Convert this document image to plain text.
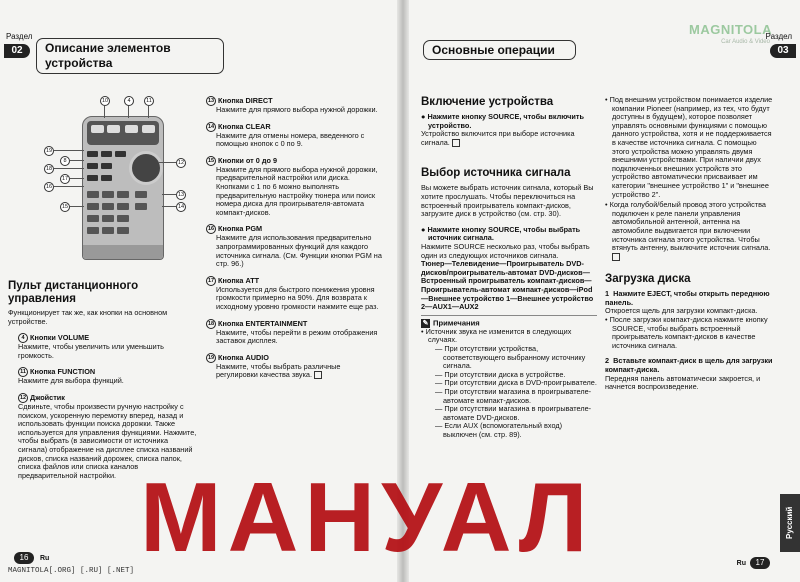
Раздел
02	Описание элементов устройства
10	4	11
19
8
18
17
16
15
12
13
14

Пульт дистанционного управления

Функционирует так же, как кнопки на основном устройстве.

4 Кнопки VOLUME

Нажмите, чтобы увеличить или уменьшить громкость.

11 Кнопка FUNCTION

Нажмите для выбора функций.

12 Джойстик

Сдвиньте, чтобы произвести ручную настройку с поиском, ускоренную перемотку вперед, назад и использовать функции поиска дорожки. Также используется для управления функциями. Нажмите, чтобы выбрать (в зависимости от источника сигнала) отображение на дисплее списка названий дисков, списка названий дорожек, списка папок, списка файлов или списка каналов предварительной настройки.

13 Кнопка DIRECT

Нажмите для прямого выбора нужной дорожки.

14 Кнопка CLEAR

Нажмите для отмены номера, введенного с помощью кнопок с 0 по 9.

15 Кнопки от 0 до 9

Нажмите для прямого выбора нужной дорожки, предварительной настройки или диска. Кнопками с 1 по 6 можно выполнять предварительную настройку тюнера или поиск номера диска для проигрывателя-автомата компакт-дисков.

16 Кнопка PGM

Нажмите для использования предварительно запрограммированных функций для каждого источника сигнала. (См. Функции кнопки PGM на стр. 96.)

17 Кнопка ATT

Используется для быстрого понижения уровня громкости примерно на 90%. Для возврата к исходному уровню громкости нажмите еще раз.

18 Кнопка ENTERTAINMENT

Нажмите, чтобы перейти в режим отображения заставок дисплея.

19 Кнопка AUDIO

Нажмите, чтобы выбрать различные регулировки качества звука.

16	Ru
Основные операции
MAGNITOLA
Car Audio & Video
Раздел
03

Включение устройства

● Нажмите кнопку SOURCE, чтобы включить устройство.

Устройство включится при выборе источника сигнала.

Выбор источника сигнала

Вы можете выбрать источник сигнала, который Вы хотите прослушать. Чтобы переключиться на встроенный проигрыватель компакт-дисков, загрузите диск в устройство (см. стр. 30).

● Нажмите кнопку SOURCE, чтобы выбрать источник сигнала.

Нажмите SOURCE несколько раз, чтобы выбрать один из следующих источников сигнала.

Тюнер—Телевидение—Проигрыватель DVD-дисков/проигрыватель-автомат DVD-дисков—Встроенный проигрыватель компакт-дисков—Проигрыватель-автомат компакт-дисков—iPod—Внешнее устройство 1—Внешнее устройство 2—AUX1—AUX2

✎ Примечания

• Источник звука не изменится в следующих случаях.

— При отсутствии устройства, соответствующего выбранному источнику сигнала.

— При отсутствии диска в устройстве.

— При отсутствии диска в DVD-проигрывателе.

— При отсутствии магазина в проигрывателе-автомате компакт-дисков.

— При отсутствии магазина в проигрывателе-автомате DVD-дисков.

— Если AUX (вспомогательный вход) выключен (см. стр. 89).

• Под внешним устройством понимается изделие компании Pioneer (например, из тех, что будут доступны в будущем), которое позволяет управлять основными функциями с помощью данного устройства, хотя и не поддерживается в качестве источника сигнала. С помощью этого устройства можно управлять двумя внешними устройствами. При наличии двух подключенных внешних устройств это устройство автоматически присваивает им категории "внешнее устройство 1" и "внешнее устройство 2".

• Когда голубой/белый провод этого устройства подключен к реле панели управления автомобильной антенной, антенна на автомобиле выдвигается при включении источника сигнала этого устройства. Чтобы втянуть антенну, выключите источник сигнала.

Загрузка диска

1 Нажмите EJECT, чтобы открыть переднюю панель.

Откроется щель для загрузки компакт-диска.

• После загрузки компакт-диска нажмите кнопку SOURCE, чтобы выбрать встроенный проигрыватель компакт-дисков в качестве источника сигнала.

2 Вставьте компакт-диск в щель для загрузки компакт-диска.

Передняя панель автоматически закроется, и начнется воспроизведение.

Русский
Ru	17
MAGNITOLA[.ORG] [.RU] [.NET] МАНУАЛ
